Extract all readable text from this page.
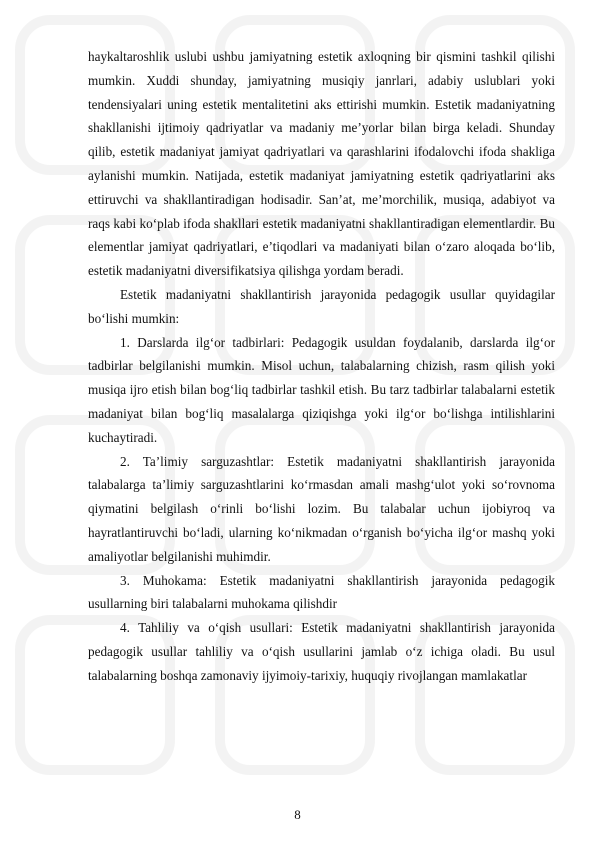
haykaltaroshlik uslubi ushbu jamiyatning estetik axloqning bir qismini tashkil qilishi mumkin. Xuddi shunday, jamiyatning musiqiy janrlari, adabiy uslublari yoki tendensiyalari uning estetik mentalitetini aks ettirishi mumkin. Estetik madaniyatning shakllanishi ijtimoiy qadriyatlar va madaniy me’yorlar bilan birga keladi. Shunday qilib, estetik madaniyat jamiyat qadriyatlari va qarashlarini ifodalovchi ifoda shakliga aylanishi mumkin. Natijada, estetik madaniyat jamiyatning estetik qadriyatlarini aks ettiruvchi va shakllantiradigan hodisadir. San’at, me’morchilik, musiqa, adabiyot va raqs kabi ko‘plab ifoda shakllari estetik madaniyatni shakllantiradigan elementlardir. Bu elementlar jamiyat qadriyatlari, e’tiqodlari va madaniyati bilan o‘zaro aloqada bo‘lib, estetik madaniyatni diversifikatsiya qilishga yordam beradi.

Estetik madaniyatni shakllantirish jarayonida pedagogik usullar quyidagilar bo‘lishi mumkin:

1. Darslarda ilg‘or tadbirlari: Pedagogik usuldan foydalanib, darslarda ilg‘or tadbirlar belgilanishi mumkin. Misol uchun, talabalarning chizish, rasm qilish yoki musiqa ijro etish bilan bog‘liq tadbirlar tashkil etish. Bu tarz tadbirlar talabalarni estetik madaniyat bilan bog‘liq masalalarga qiziqishga yoki ilg‘or bo‘lishga intilishlarini kuchaytiradi.

2. Ta’limiy sarguzashtlar: Estetik madaniyatni shakllantirish jarayonida talabalarga ta’limiy sarguzashtlarini ko‘rmasdan amali mashg‘ulot yoki so‘rovnoma qiymatini belgilash o‘rinli bo‘lishi lozim. Bu talabalar uchun ijobiyroq va hayratlantiruvchi bo‘ladi, ularning ko‘nikmadan o‘rganish bo‘yicha ilg‘or mashq yoki amaliyotlar belgilanishi muhimdir.

3. Muhokama: Estetik madaniyatni shakllantirish jarayonida pedagogik usullarning biri talabalarni muhokama qilishdir

4. Tahliliy va o‘qish usullari: Estetik madaniyatni shakllantirish jarayonida pedagogik usullar tahliliy va o‘qish usullarini jamlab o‘z ichiga oladi. Bu usul talabalarning boshqa zamonaviy ijyimoiy-tarixiy, huquqiy rivojlangan mamlakatlar

8
